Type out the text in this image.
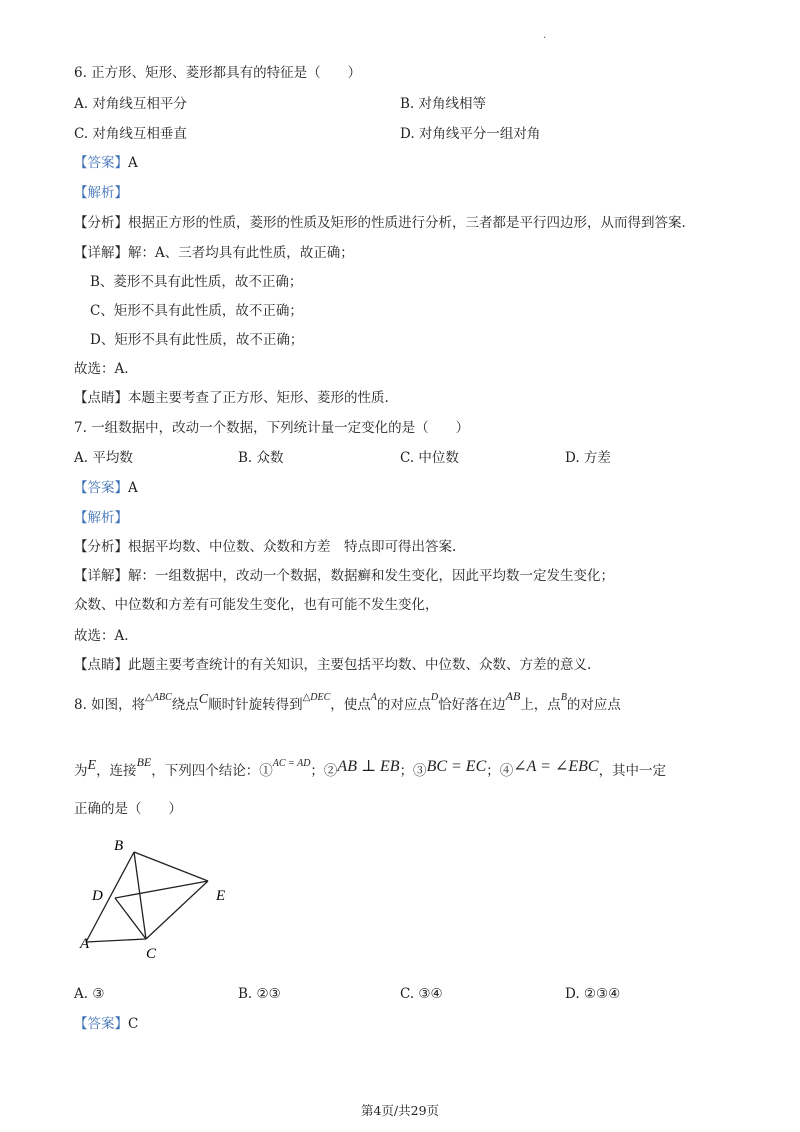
.
6. 正方形、矩形、菱形都具有的特征是（　　）
A. 对角线互相平分	B. 对角线相等
C. 对角线互相垂直	D. 对角线平分一组对角
【答案】A
【解析】
【分析】根据正方形的性质，菱形的性质及矩形的性质进行分析，三者都是平行四边形，从而得到答案.
【详解】解：A、三者均具有此性质，故正确；
B、菱形不具有此性质，故不正确；
C、矩形不具有此性质，故不正确；
D、矩形不具有此性质，故不正确；
故选：A.
【点睛】本题主要考查了正方形、矩形、菱形的性质.
7. 一组数据中，改动一个数据，下列统计量一定变化的是（　　）
A. 平均数	B. 众数	C. 中位数	D. 方差
【答案】A
【解析】
【分析】根据平均数、中位数、众数和方差　特点即可得出答案.
【详解】解：一组数据中，改动一个数据，数据癣和发生变化，因此平均数一定发生变化；
众数、中位数和方差有可能发生变化，也有可能不发生变化，
故选：A.
【点睛】此题主要考查统计的有关知识，主要包括平均数、中位数、众数、方差的意义.
8. 如图，将$^{\triangle ABC}$绕点C顺时针旋转得到$^{\triangle DEC}$，使点$^A$的对应点$^D$恰好落在边AB上，点$^B$的对应点
为E，连接BE，下列四个结论：①$^{AC = AD}$；②AB ⊥ EB；③BC = EC；④∠A = ∠EBC，其中一定
正确的是（　　）
B
D	E
A
C
A. ③	B. ②③	C. ③④	D. ②③④
【答案】C
第4页/共29页
